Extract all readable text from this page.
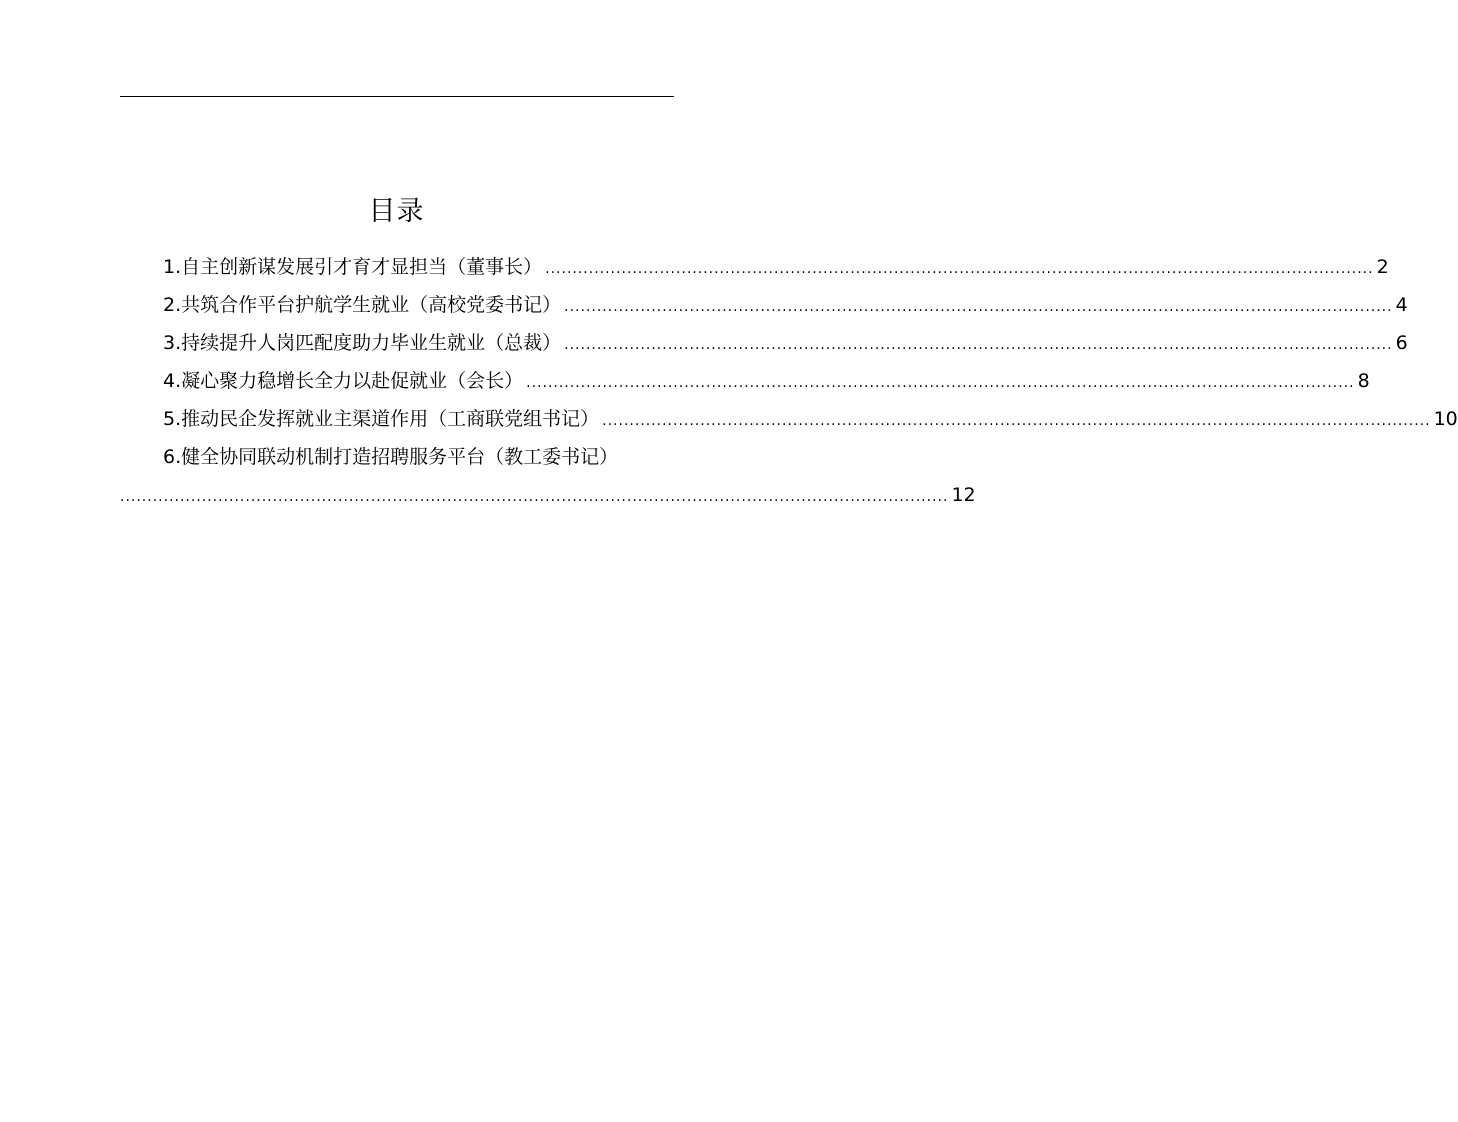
目录
1.自主创新谋发展引才育才显担当（董事长） ........................................................................................................................................................ 2
2.共筑合作平台护航学生就业（高校党委书记） ........................................................................................................................................................ 4
3.持续提升人岗匹配度助力毕业生就业（总裁） ........................................................................................................................................................ 6
4.凝心聚力稳增长全力以赴促就业（会长） ........................................................................................................................................................ 8
5.推动民企发挥就业主渠道作用（工商联党组书记） ........................................................................................................................................................ 10
6.健全协同联动机制打造招聘服务平台（教工委书记）
........................................................................................................................................................ 12
